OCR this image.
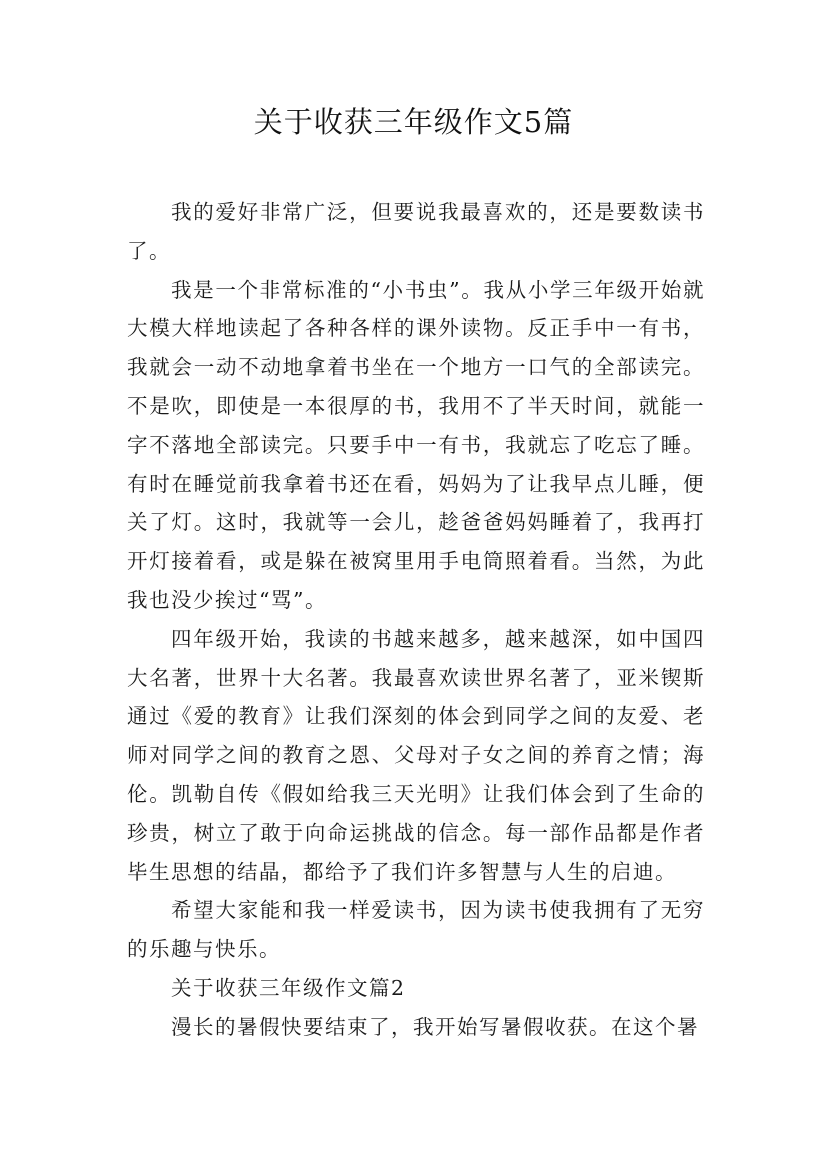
关于收获三年级作文5篇

我的爱好非常广泛，但要说我最喜欢的，还是要数读书了。

我是一个非常标准的“小书虫”。我从小学三年级开始就大模大样地读起了各种各样的课外读物。反正手中一有书，我就会一动不动地拿着书坐在一个地方一口气的全部读完。不是吹，即使是一本很厚的书，我用不了半天时间，就能一字不落地全部读完。只要手中一有书，我就忘了吃忘了睡。有时在睡觉前我拿着书还在看，妈妈为了让我早点儿睡，便关了灯。这时，我就等一会儿，趁爸爸妈妈睡着了，我再打开灯接着看，或是躲在被窝里用手电筒照着看。当然，为此我也没少挨过“骂”。

四年级开始，我读的书越来越多，越来越深，如中国四大名著，世界十大名著。我最喜欢读世界名著了，亚米锲斯通过《爱的教育》让我们深刻的体会到同学之间的友爱、老师对同学之间的教育之恩、父母对子女之间的养育之情；海伦。凯勒自传《假如给我三天光明》让我们体会到了生命的珍贵，树立了敢于向命运挑战的信念。每一部作品都是作者毕生思想的结晶，都给予了我们许多智慧与人生的启迪。

希望大家能和我一样爱读书，因为读书使我拥有了无穷的乐趣与快乐。

关于收获三年级作文篇2

漫长的暑假快要结束了，我开始写暑假收获。在这个暑
